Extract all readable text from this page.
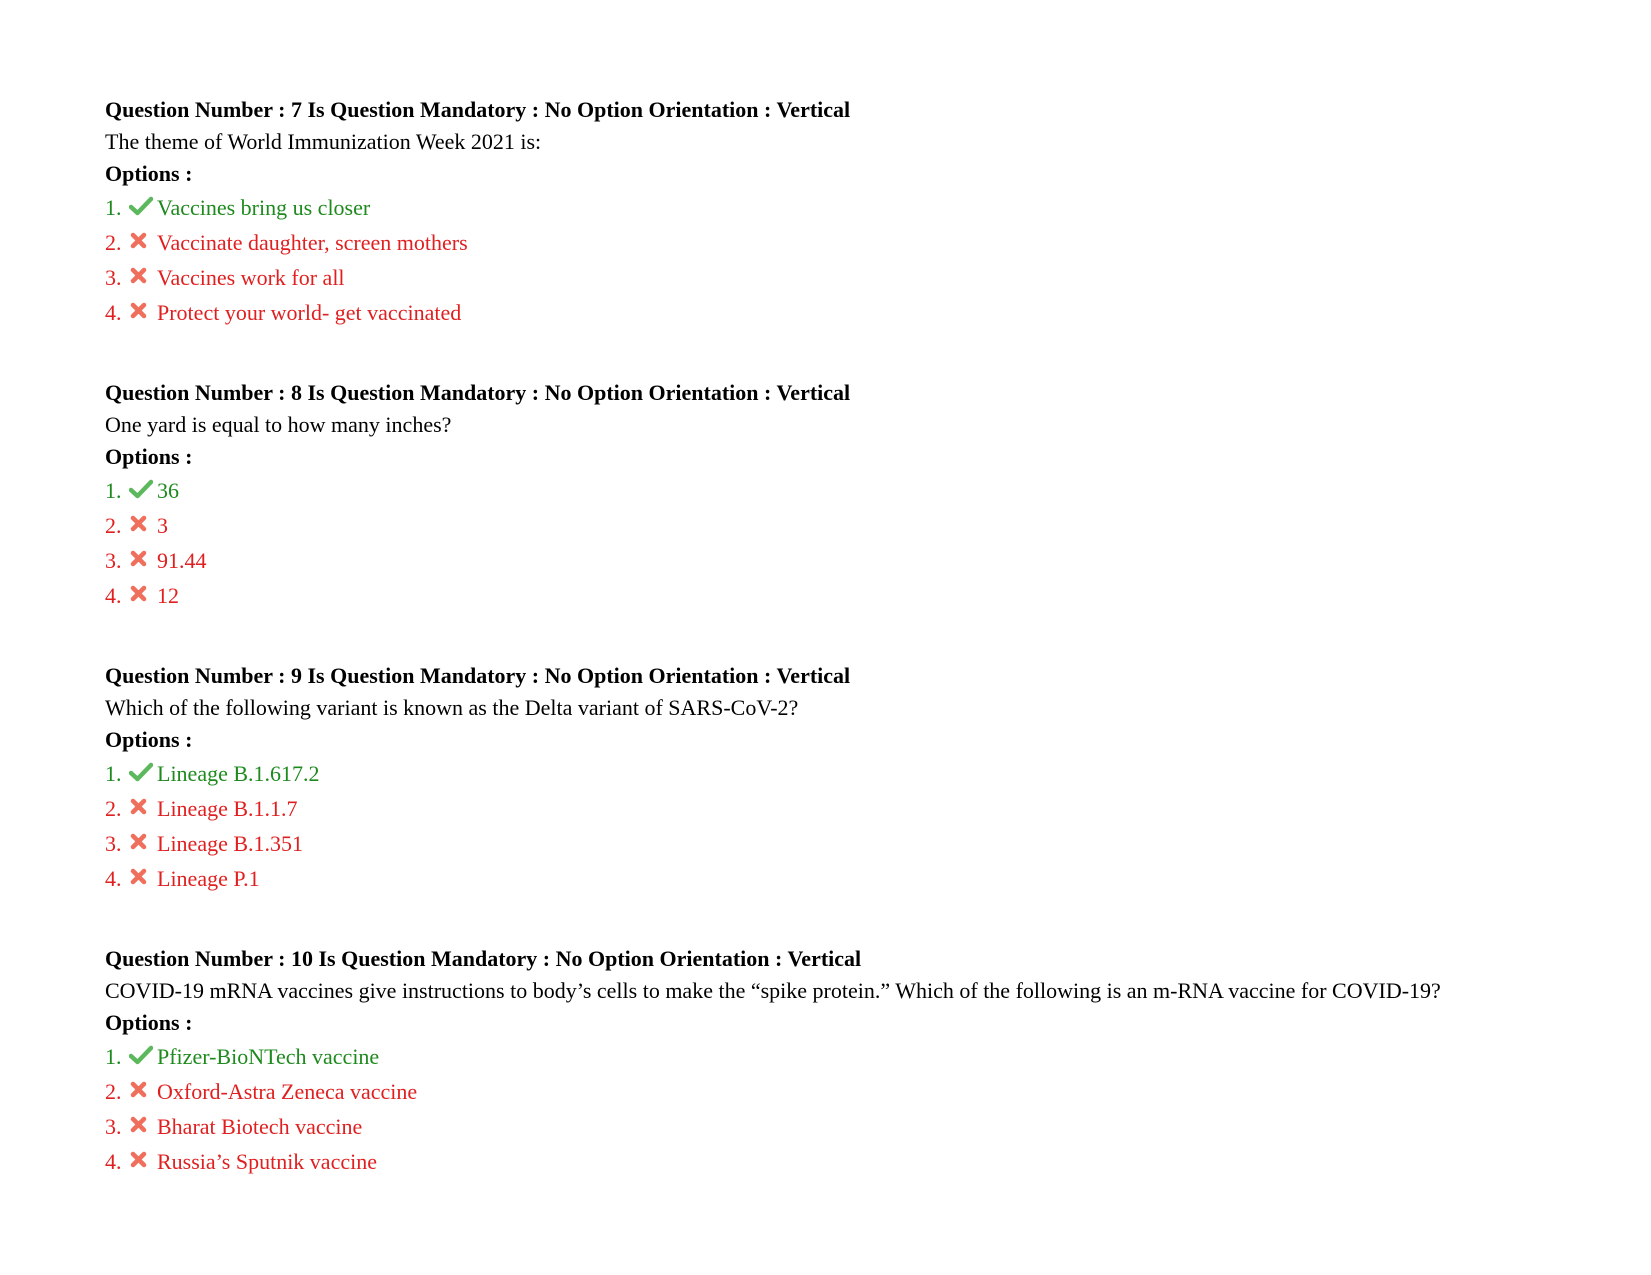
Question Number : 7 Is Question Mandatory : No Option Orientation : Vertical
The theme of World Immunization Week 2021 is:
Options :
1.	Vaccines bring us closer
2.	Vaccinate daughter, screen mothers
3.	Vaccines work for all
4.	Protect your world- get vaccinated
Question Number : 8 Is Question Mandatory : No Option Orientation : Vertical
One yard is equal to how many inches?
Options :
1.	36
2.	3
3.	91.44
4.	12
Question Number : 9 Is Question Mandatory : No Option Orientation : Vertical
Which of the following variant is known as the Delta variant of SARS-CoV-2?
Options :
1.	Lineage B.1.617.2
2.	Lineage B.1.1.7
3.	Lineage B.1.351
4.	Lineage P.1
Question Number : 10 Is Question Mandatory : No Option Orientation : Vertical
COVID-19 mRNA vaccines give instructions to body’s cells to make the “spike protein.” Which of the following is an m-RNA vaccine for COVID-19?
Options :
1.	Pfizer-BioNTech vaccine
2.	Oxford-Astra Zeneca vaccine
3.	Bharat Biotech vaccine
4.	Russia’s Sputnik vaccine
